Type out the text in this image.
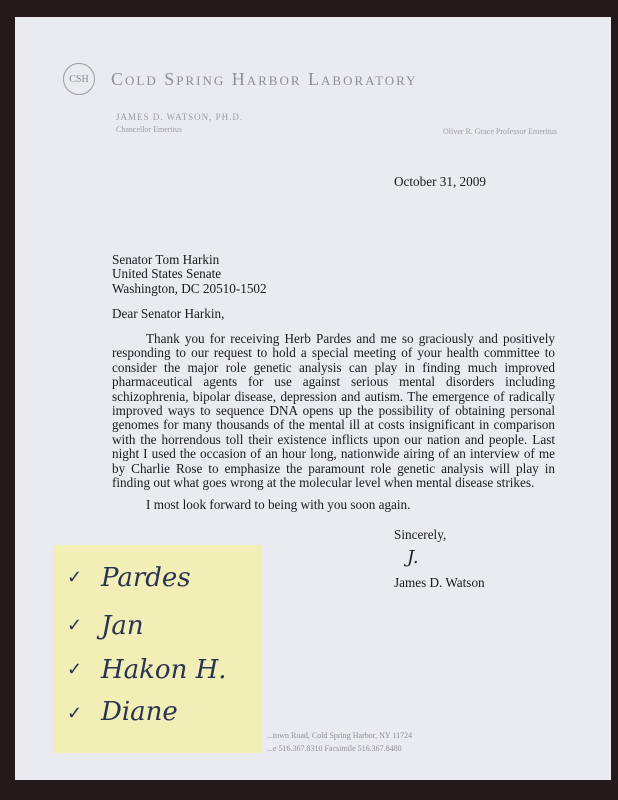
CSH	Cold Spring Harbor Laboratory
JAMES D. WATSON, PH.D.
Chancellor Emeritus	Oliver R. Grace Professor Emeritus
October 31, 2009
Senator Tom Harkin
United States Senate
Washington, DC 20510-1502
Dear Senator Harkin,
Thank you for receiving Herb Pardes and me so graciously and positively responding to our request to hold a special meeting of your health committee to consider the major role genetic analysis can play in finding much improved pharmaceutical agents for use against serious mental disorders including schizophrenia, bipolar disease, depression and autism. The emergence of radically improved ways to sequence DNA opens up the possibility of obtaining personal genomes for many thousands of the mental ill at costs insignificant in comparison with the horrendous toll their existence inflicts upon our nation and people. Last night I used the occasion of an hour long, nationwide airing of an interview of me by Charlie Rose to emphasize the paramount role genetic analysis will play in finding out what goes wrong at the molecular level when mental disease strikes.
I most look forward to being with you soon again.
Sincerely,
J.
James D. Watson
...town Road, Cold Spring Harbor, NY 11724
...e 516.367.8310 Facsimile 516.367.8480
✓ Pardes
✓ Jan
✓ Hakon H.
✓ Diane
